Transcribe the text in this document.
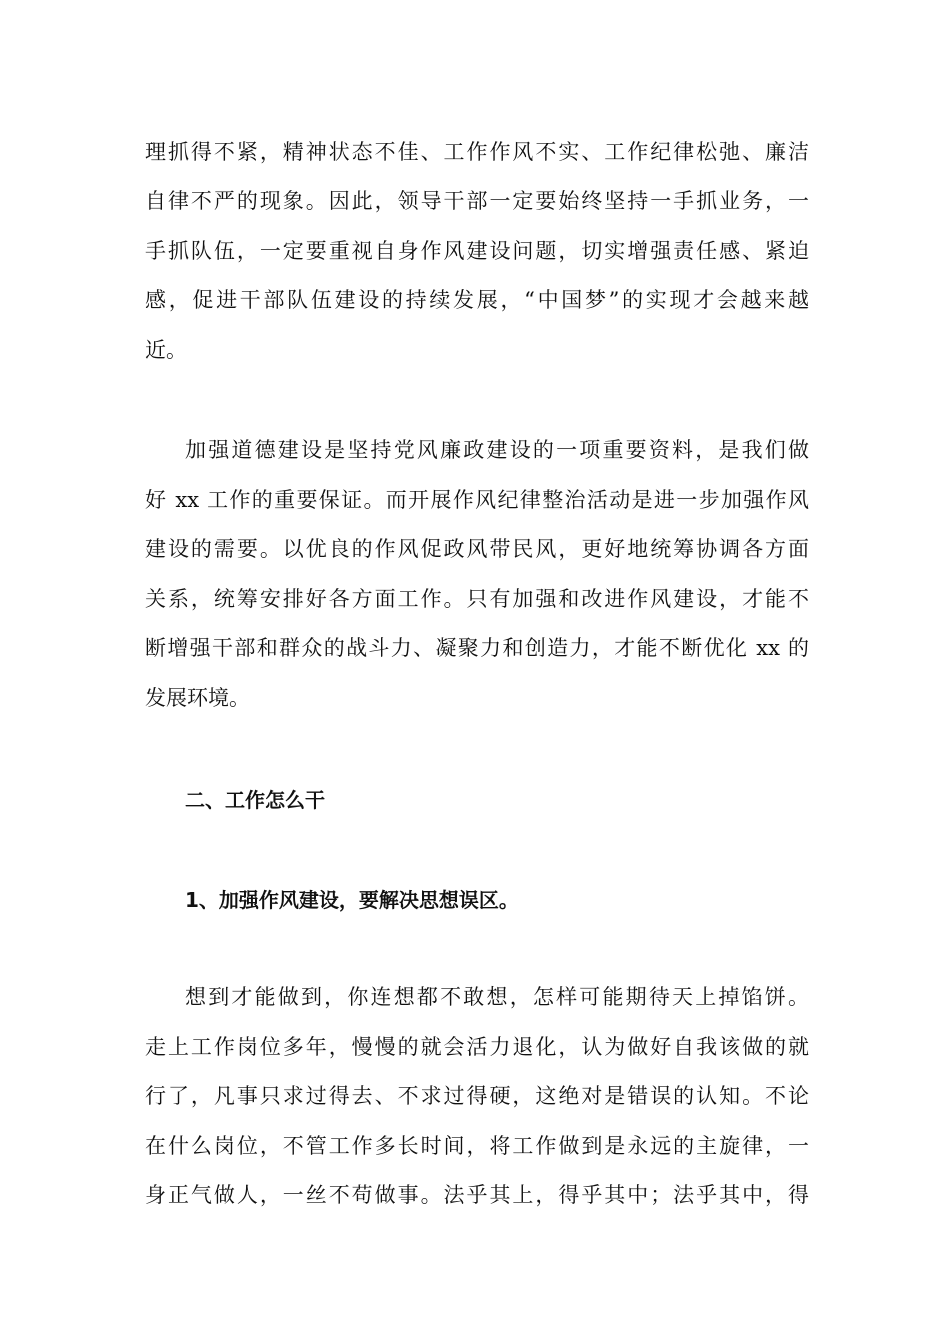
理抓得不紧，精神状态不佳、工作作风不实、工作纪律松弛、廉洁
自律不严的现象。因此，领导干部一定要始终坚持一手抓业务，一
手抓队伍，一定要重视自身作风建设问题，切实增强责任感、紧迫
感，促进干部队伍建设的持续发展，“中国梦”的实现才会越来越
近。
加强道德建设是坚持党风廉政建设的一项重要资料，是我们做
好 xx 工作的重要保证。而开展作风纪律整治活动是进一步加强作风
建设的需要。以优良的作风促政风带民风，更好地统筹协调各方面
关系，统筹安排好各方面工作。只有加强和改进作风建设，才能不
断增强干部和群众的战斗力、凝聚力和创造力，才能不断优化 xx 的
发展环境。
二、工作怎么干
1、加强作风建设，要解决思想误区。
想到才能做到，你连想都不敢想，怎样可能期待天上掉馅饼。
走上工作岗位多年，慢慢的就会活力退化，认为做好自我该做的就
行了，凡事只求过得去、不求过得硬，这绝对是错误的认知。不论
在什么岗位，不管工作多长时间，将工作做到是永远的主旋律，一
身正气做人，一丝不苟做事。法乎其上，得乎其中；法乎其中，得
